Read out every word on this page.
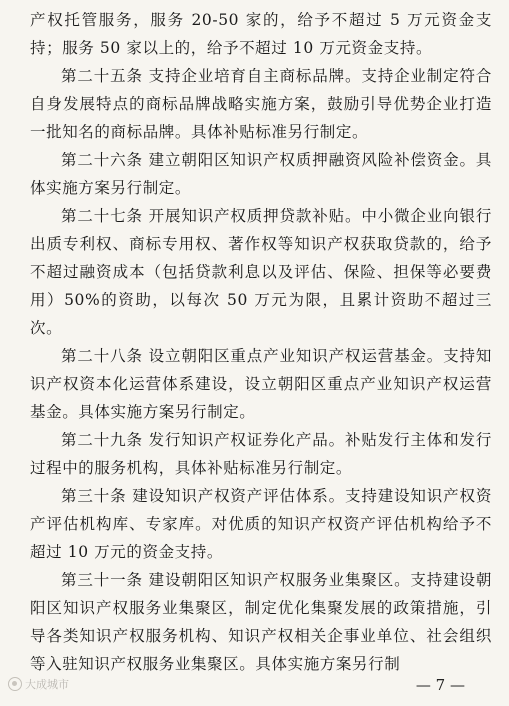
产权托管服务，服务 20-50 家的，给予不超过 5 万元资金支持；服务 50 家以上的，给予不超过 10 万元资金支持。

第二十五条 支持企业培育自主商标品牌。支持企业制定符合自身发展特点的商标品牌战略实施方案，鼓励引导优势企业打造一批知名的商标品牌。具体补贴标准另行制定。

第二十六条 建立朝阳区知识产权质押融资风险补偿资金。具体实施方案另行制定。

第二十七条 开展知识产权质押贷款补贴。中小微企业向银行出质专利权、商标专用权、著作权等知识产权获取贷款的，给予不超过融资成本（包括贷款利息以及评估、保险、担保等必要费用）50%的资助，以每次 50 万元为限，且累计资助不超过三次。

第二十八条 设立朝阳区重点产业知识产权运营基金。支持知识产权资本化运营体系建设，设立朝阳区重点产业知识产权运营基金。具体实施方案另行制定。

第二十九条 发行知识产权证券化产品。补贴发行主体和发行过程中的服务机构，具体补贴标准另行制定。

第三十条 建设知识产权资产评估体系。支持建设知识产权资产评估机构库、专家库。对优质的知识产权资产评估机构给予不超过 10 万元的资金支持。

第三十一条 建设朝阳区知识产权服务业集聚区。支持建设朝阳区知识产权服务业集聚区，制定优化集聚发展的政策措施，引导各类知识产权服务机构、知识产权相关企事业单位、社会组织等入驻知识产权服务业集聚区。具体实施方案另行制

大成城市	— 7 —
